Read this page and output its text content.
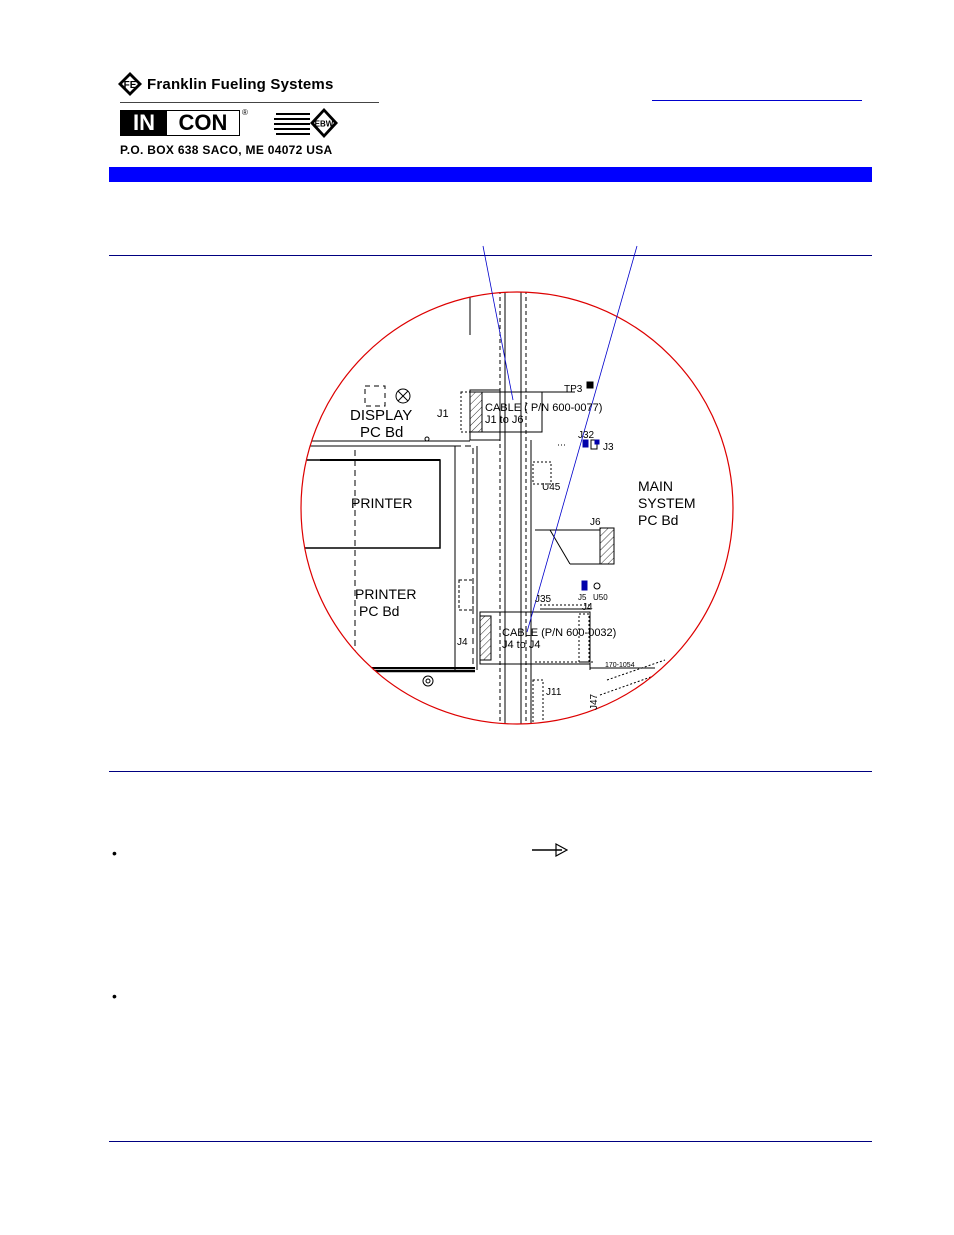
FE Franklin Fueling Systems
IN	CON	®
EBW
P.O. BOX 638 SACO, ME 04072 USA
DISPLAY
PC Bd
J1	CABLE ( P/N 600-0077)
J1 to J6
TP3
J32
J3
U45	MAIN
SYSTEM
PC Bd
J6
PRINTER
PRINTER
PC Bd
J5 U50
J35
J4
J4
CABLE (P/N 600-0032)
J4 to J4
170-1054
J11
J47
•
•
